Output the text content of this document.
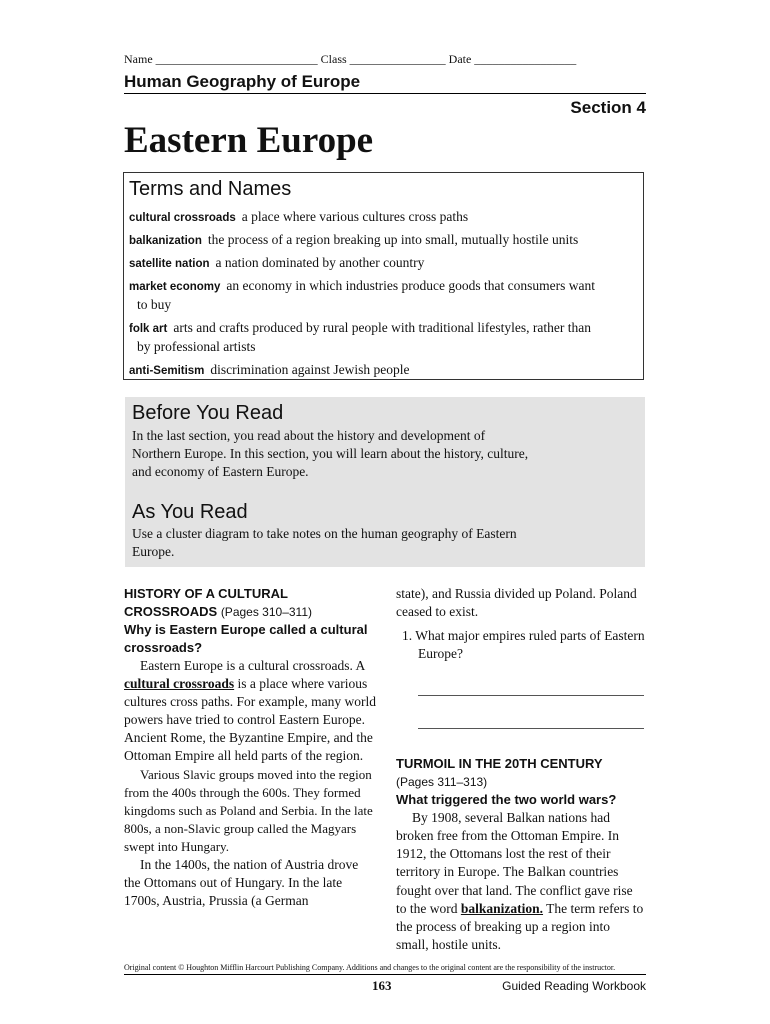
Name ___________________________ Class ________________ Date _________________
Human Geography of Europe
Section 4
Eastern Europe
Terms and Names
cultural crossroads a place where various cultures cross paths
balkanization the process of a region breaking up into small, mutually hostile units
satellite nation a nation dominated by another country
market economy an economy in which industries produce goods that consumers want
to buy
folk art arts and crafts produced by rural people with traditional lifestyles, rather than
by professional artists
anti-Semitism discrimination against Jewish people
Before You Read
In the last section, you read about the history and development of Northern Europe. In this section, you will learn about the history, culture, and economy of Eastern Europe.
As You Read
Use a cluster diagram to take notes on the human geography of Eastern Europe.
HISTORY OF A CULTURAL CROSSROADS (Pages 310–311)
Why is Eastern Europe called a cultural crossroads?

Eastern Europe is a cultural crossroads. A cultural crossroads is a place where various cultures cross paths. For example, many world powers have tried to control Eastern Europe. Ancient Rome, the Byzantine Empire, and the Ottoman Empire all held parts of the region.

Various Slavic groups moved into the region from the 400s through the 600s. They formed kingdoms such as Poland and Serbia. In the late 800s, a non-Slavic group called the Magyars swept into Hungary.

In the 1400s, the nation of Austria drove the Ottomans out of Hungary. In the late 1700s, Austria, Prussia (a German

state), and Russia divided up Poland. Poland ceased to exist.

1. What major empires ruled parts of Eastern Europe?

TURMOIL IN THE 20TH CENTURY
(Pages 311–313)
What triggered the two world wars?

By 1908, several Balkan nations had broken free from the Ottoman Empire. In 1912, the Ottomans lost the rest of their territory in Europe. The Balkan countries fought over that land. The conflict gave rise to the word balkanization. The term refers to the process of breaking up a region into small, hostile units.

Original content © Houghton Mifflin Harcourt Publishing Company. Additions and changes to the original content are the responsibility of the instructor.
163	Guided Reading Workbook
